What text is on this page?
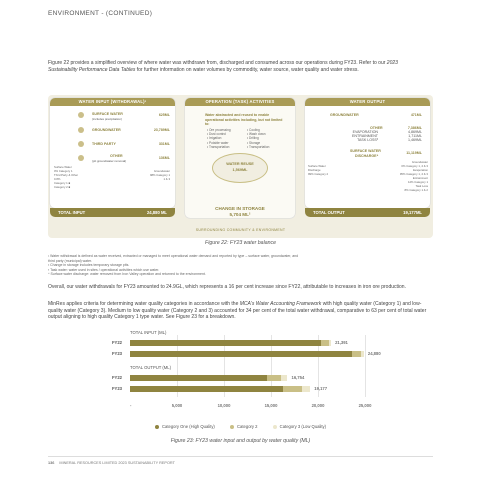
ENVIRONMENT - (CONTINUED)
Figure 22 provides a simplified overview of where water was withdrawn from, discharged and consumed across our operations during FY23. Refer to our 2023 Sustainability Performance Data Tables for further information on water volumes by commodity, water source, water quality and water stress.
WATER INPUT (WITHDRAWAL)¹
SURFACE WATER
(includes precipitation)
625ML
GROUNDWATER	23,789ML
THIRD PARTY	331ML
OTHER
(pit groundwater removal)
136ML
Surface Water
0% Category 1
Third Party & Other
0.8%
Category 1 ■
Category 2 ■
Groundwater
98% Category 1
1 & 3
TOTAL INPUT	24,880 ML
OPERATION (TASK) ACTIVITIES
Water abstracted and reused to enable operational activities including, but not limited to:
• Ore processing
• Dust control
• Irrigation
• Potable water
• Transportation
• Cooling
• Wash down
• Drilling
• Storage
• Transportation
WATER REUSE
1,569ML
CHANGE IN STORAGE
5,704 ML²
WATER OUTPUT
GROUNDWATER	471ML
OTHER	7,386ML
EVAPORATION	4,869ML
ENTRAINMENT	1,711ML
TASK LOSS³	1,469ML
SURFACE WATER
DISCHARGE⁴
11,119ML
Surface Water
Discharge
99% Category 2
Groundwater
0% Category 1, 2 & 3
Evaporation
95% Category 1, 2 & 3
Entrainment
12% Category 1
Task Loss
8% Category 1 & 2
TOTAL OUTPUT	19,177ML
SURROUNDING COMMUNITY & ENVIRONMENT
Figure 22: FY23 water balance
¹ Water withdrawal is defined as water received, extracted or managed to meet operational water demand and reported by type – surface water, groundwater, and
third party (municipal) water.
² Change in storage includes temporary storage pits.
³ Task water: water used in sites / operational activities which use water.
⁴ Surface water discharge: water removed from Iron Valley operation and returned to the environment.
Overall, our water withdrawals for FY23 amounted to 24.9GL, which represents a 16 per cent increase since FY22, attributable to increases in iron ore production.
MinRes applies criteria for determining water quality categories in accordance with the MCA's Water Accounting Framework with high quality water (Category 1) and low-quality water (Category 3). Medium to low quality water (Category 2 and 3) accounted for 34 per cent of the total water withdrawal, comparative to 63 per cent of total water output aligning to high quality Category 1 type water. See Figure 23 for a breakdown.
TOTAL INPUT (ML)
TOTAL OUTPUT (ML)
FY22
FY23
FY22
FY23
5,000	10,000	15,000	20,000	25,000
21,391
24,880
16,754
19,177
-
Category One (High Quality)	Category 2	Category 3 (Low Quality)
Figure 23: FY23 water input and output by water quality (ML)
136 MINERAL RESOURCES LIMITED 2023 SUSTAINABILITY REPORT
